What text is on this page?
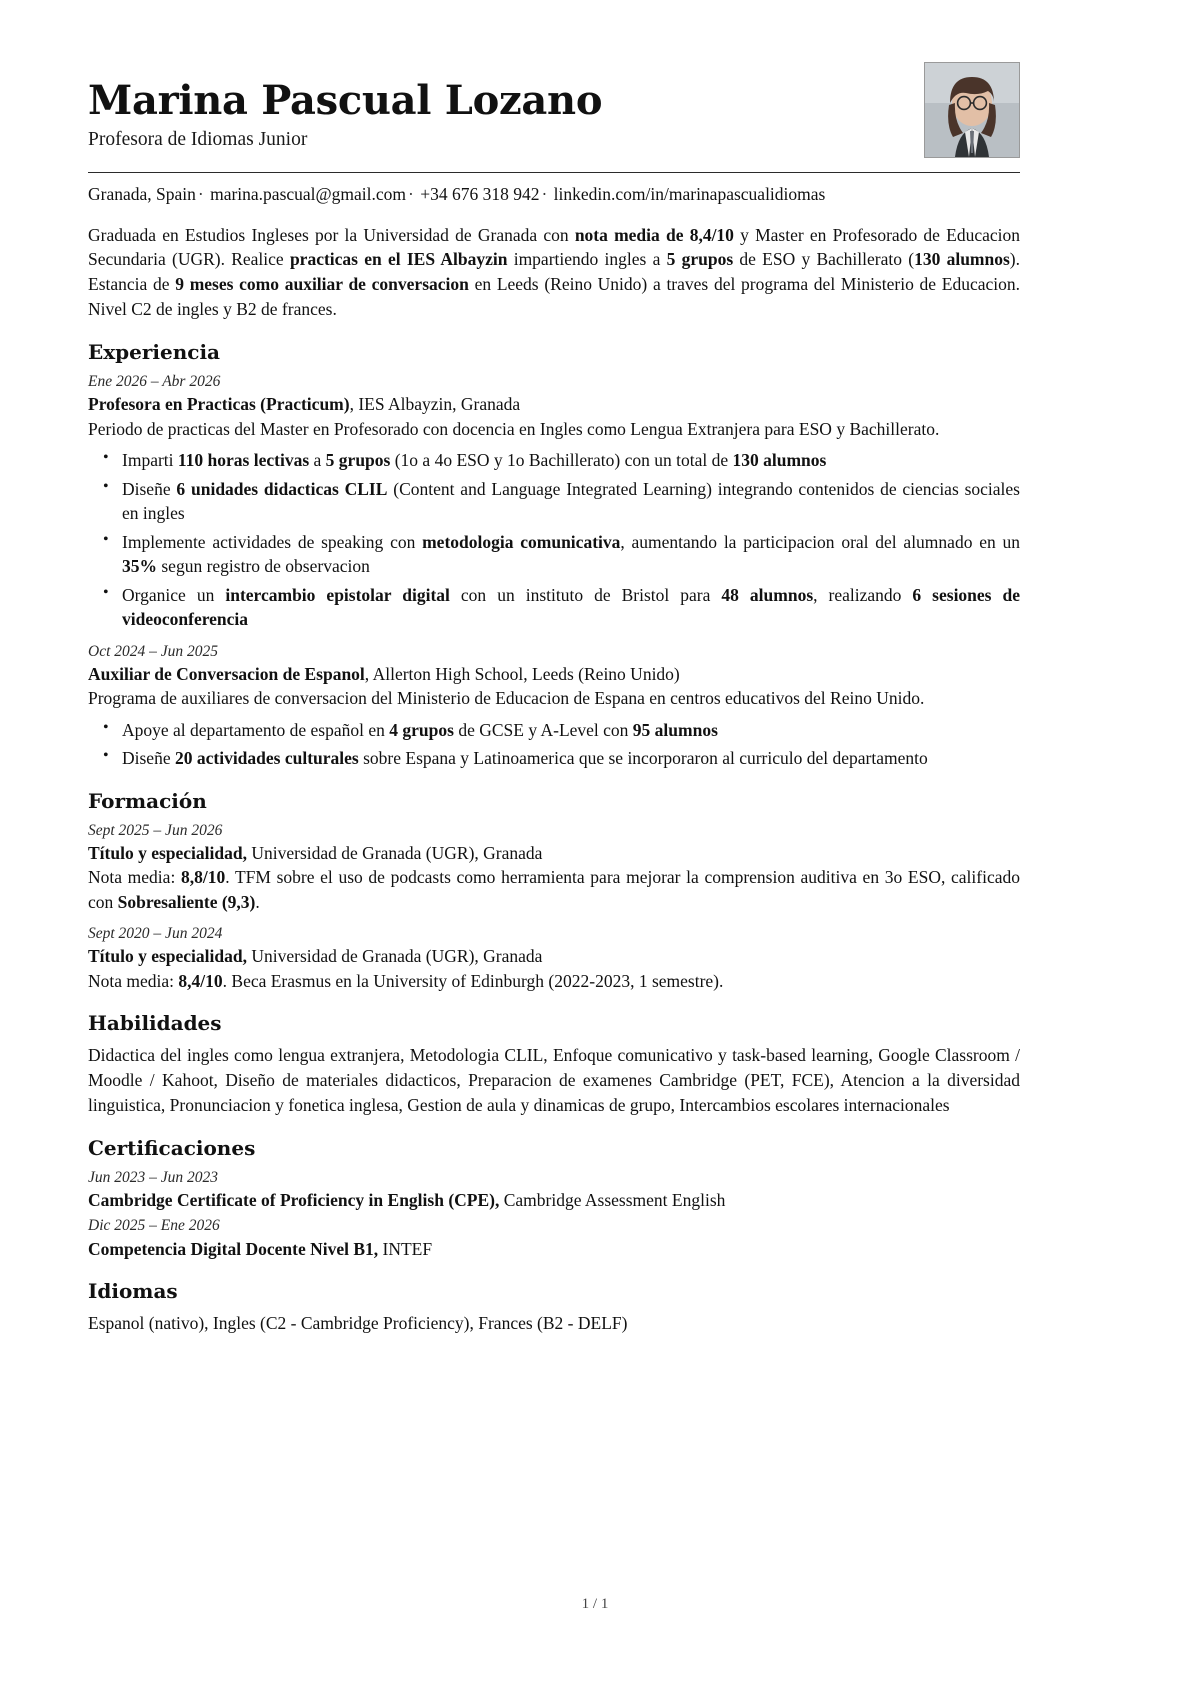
Marina Pascual Lozano
Profesora de Idiomas Junior
Granada, Spain · marina.pascual@gmail.com · +34 676 318 942 · linkedin.com/in/marinapascualidiomas

Graduada en Estudios Ingleses por la Universidad de Granada con nota media de 8,4/10 y Master en Profesorado de Educacion Secundaria (UGR). Realice practicas en el IES Albayzin impartiendo ingles a 5 grupos de ESO y Bachillerato (130 alumnos). Estancia de 9 meses como auxiliar de conversacion en Leeds (Reino Unido) a traves del programa del Ministerio de Educacion. Nivel C2 de ingles y B2 de frances.

Experiencia
Ene 2026 – Abr 2026
Profesora en Practicas (Practicum), IES Albayzin, Granada
Periodo de practicas del Master en Profesorado con docencia en Ingles como Lengua Extranjera para ESO y Bachillerato.
• Imparti 110 horas lectivas a 5 grupos (1o a 4o ESO y 1o Bachillerato) con un total de 130 alumnos
• Diseñe 6 unidades didacticas CLIL (Content and Language Integrated Learning) integrando contenidos de ciencias sociales en ingles
• Implemente actividades de speaking con metodologia comunicativa, aumentando la participacion oral del alumnado en un 35% segun registro de observacion
• Organice un intercambio epistolar digital con un instituto de Bristol para 48 alumnos, realizando 6 sesiones de videoconferencia
Oct 2024 – Jun 2025
Auxiliar de Conversacion de Espanol, Allerton High School, Leeds (Reino Unido)
Programa de auxiliares de conversacion del Ministerio de Educacion de Espana en centros educativos del Reino Unido.
• Apoye al departamento de español en 4 grupos de GCSE y A-Level con 95 alumnos
• Diseñe 20 actividades culturales sobre Espana y Latinoamerica que se incorporaron al curriculo del departamento
Formación
Sept 2025 – Jun 2026
Título y especialidad, Universidad de Granada (UGR), Granada
Nota media: 8,8/10. TFM sobre el uso de podcasts como herramienta para mejorar la comprension auditiva en 3o ESO, calificado con Sobresaliente (9,3).
Sept 2020 – Jun 2024
Título y especialidad, Universidad de Granada (UGR), Granada
Nota media: 8,4/10. Beca Erasmus en la University of Edinburgh (2022-2023, 1 semestre).
Habilidades

Didactica del ingles como lengua extranjera, Metodologia CLIL, Enfoque comunicativo y task-based learning, Google Classroom / Moodle / Kahoot, Diseño de materiales didacticos, Preparacion de examenes Cambridge (PET, FCE), Atencion a la diversidad linguistica, Pronunciacion y fonetica inglesa, Gestion de aula y dinamicas de grupo, Intercambios escolares internacionales

Certificaciones
Jun 2023 – Jun 2023
Cambridge Certificate of Proficiency in English (CPE), Cambridge Assessment English
Dic 2025 – Ene 2026
Competencia Digital Docente Nivel B1, INTEF
Idiomas

Espanol (nativo), Ingles (C2 - Cambridge Proficiency), Frances (B2 - DELF)

1 / 1
